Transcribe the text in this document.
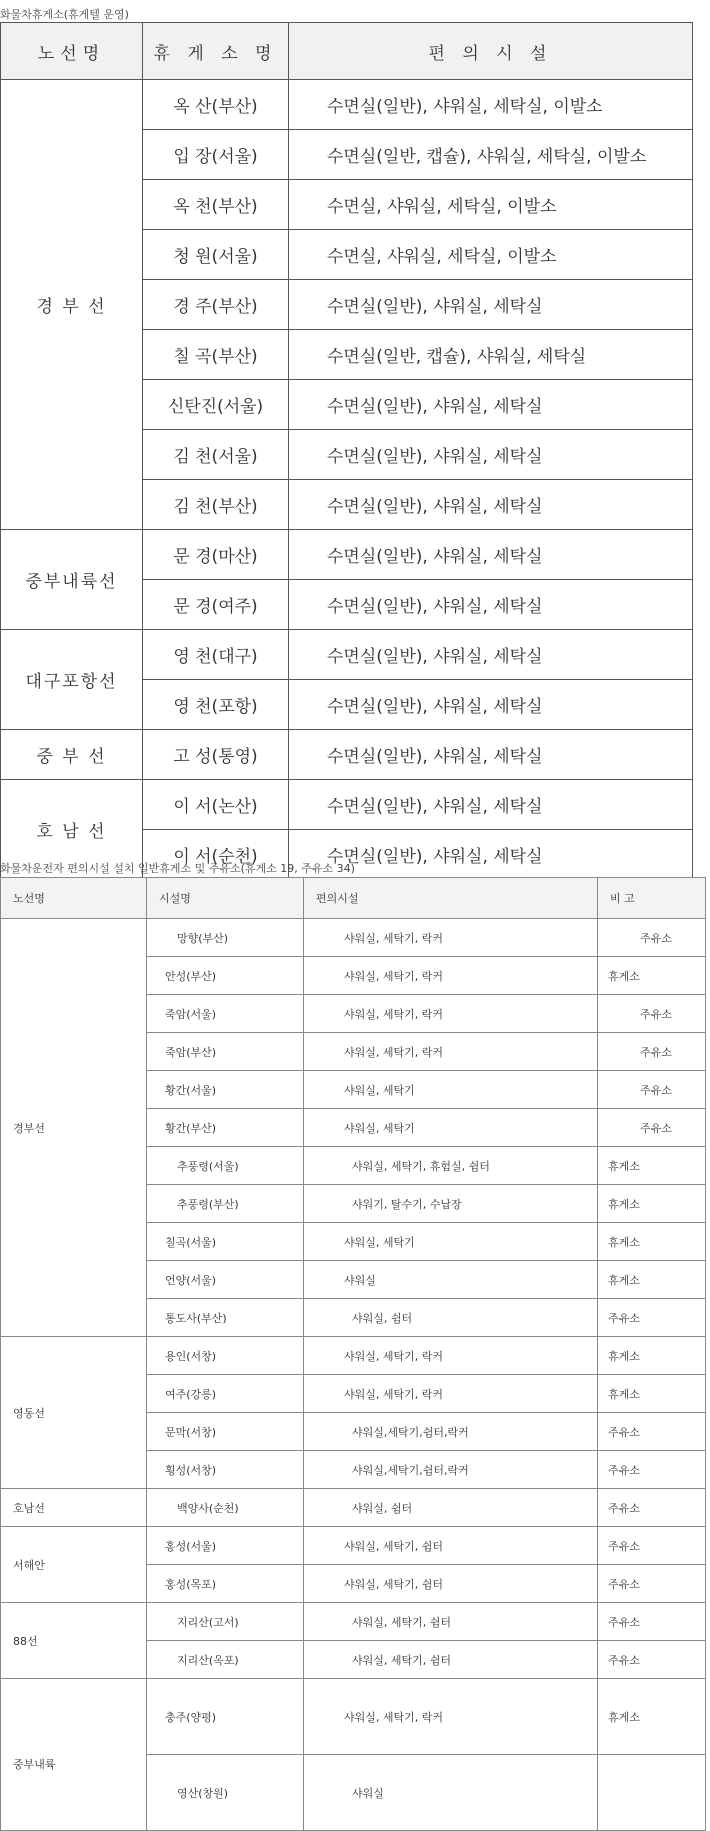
화물차휴게소(휴게텔 운영)
노선명	휴 게 소 명	편 의 시 설
경 부 선	옥 산(부산)	수면실(일반), 샤워실, 세탁실, 이발소
	입 장(서울)	수면실(일반, 캡슐), 샤워실, 세탁실, 이발소
	옥 천(부산)	수면실, 샤워실, 세탁실, 이발소
	청 원(서울)	수면실, 샤워실, 세탁실, 이발소
	경 주(부산)	수면실(일반), 샤워실, 세탁실
	칠 곡(부산)	수면실(일반, 캡슐), 샤워실, 세탁실
	신탄진(서울)	수면실(일반), 샤워실, 세탁실
	김 천(서울)	수면실(일반), 샤워실, 세탁실
	김 천(부산)	수면실(일반), 샤워실, 세탁실
중부내륙선	문 경(마산)	수면실(일반), 샤워실, 세탁실
	문 경(여주)	수면실(일반), 샤워실, 세탁실
대구포항선	영 천(대구)	수면실(일반), 샤워실, 세탁실
	영 천(포항)	수면실(일반), 샤워실, 세탁실
중 부 선	고 성(통영)	수면실(일반), 샤워실, 세탁실
호 남 선	이 서(논산)	수면실(일반), 샤워실, 세탁실
	이 서(순천)	수면실(일반), 샤워실, 세탁실
화물차운전자 편의시설 설치 일반휴게소 및 주유소(휴게소 19, 주유소 34)
노선명	시설명	편의시설	비 고
경부선	망향(부산)	샤워실, 세탁기, 락커	주유소
	안성(부산)	샤워실, 세탁기, 락커	휴게소
	죽암(서울)	샤워실, 세탁기, 락커	주유소
	죽암(부산)	샤워실, 세탁기, 락커	주유소
	황간(서울)	샤워실, 세탁기	주유소
	황간(부산)	샤워실, 세탁기	주유소
	추풍령(서울)	샤워실, 세탁기, 휴험실, 쉼터	휴게소
	추풍령(부산)	샤워기, 탈수기, 수납장	휴게소
	칠곡(서울)	샤워실, 세탁기	휴게소
	언양(서울)	샤워실	휴게소
	통도사(부산)	샤워실, 쉼터	주유소
영동선	용인(서창)	샤워실, 세탁기, 락커	휴게소
	여주(강릉)	샤워실, 세탁기, 락커	휴게소
	문막(서창)	샤워실,세탁기,쉼터,락커	주유소
	횡성(서창)	샤워실,세탁기,쉼터,락커	주유소
호남선	백양사(순천)	샤워실, 쉼터	주유소
서해안	홍성(서울)	샤워실, 세탁기, 쉼터	주유소
	홍성(목포)	샤워실, 세탁기, 쉼터	주유소
88선	지리산(고서)	샤워실, 세탁기, 쉼터	주유소
	지리산(옥포)	샤워실, 세탁기, 쉼터	주유소
중부내륙	충주(양평)	샤워실, 세탁기, 락커	휴게소
	영산(창원)	샤워실	
